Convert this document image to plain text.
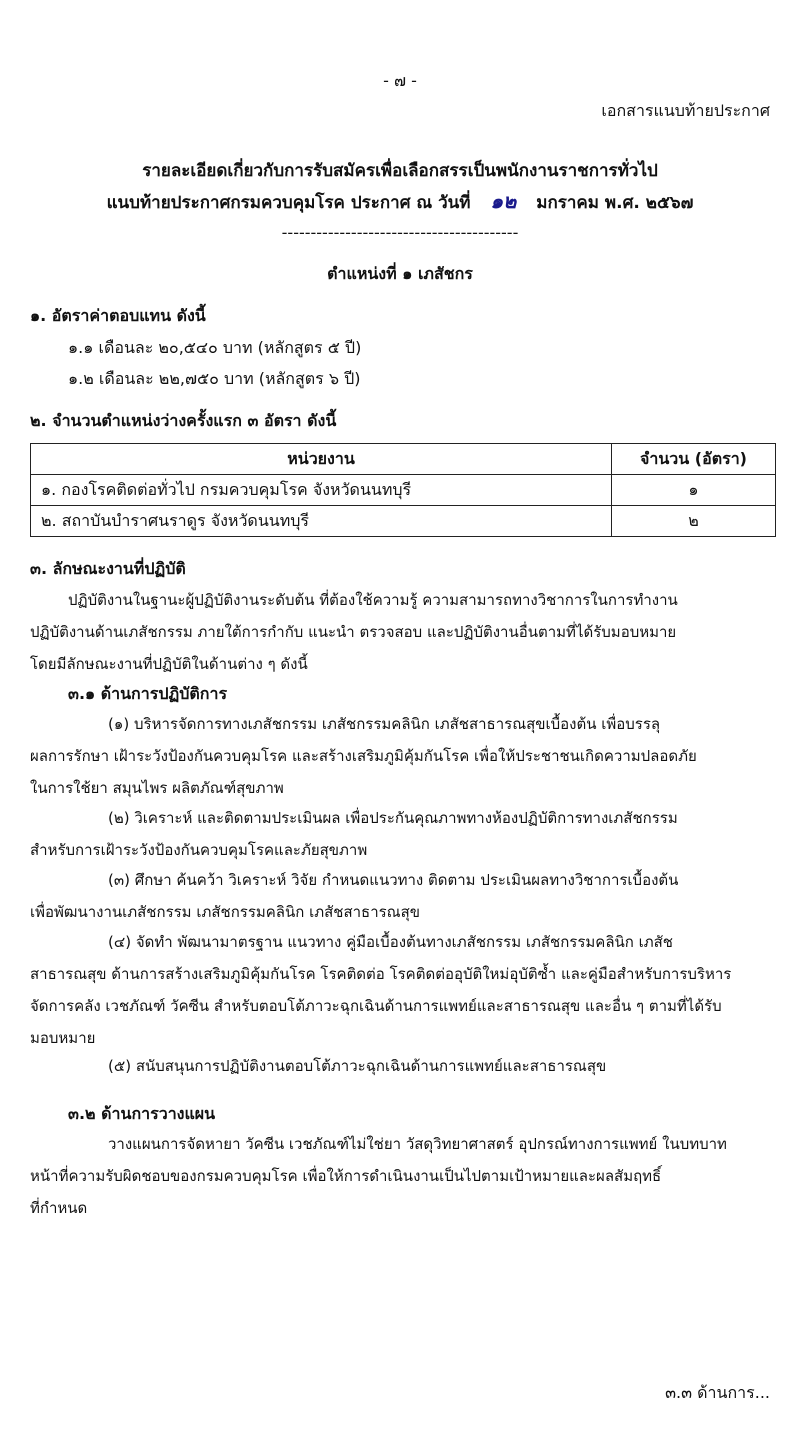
- ๗ -
เอกสารแนบท้ายประกาศ
รายละเอียดเกี่ยวกับการรับสมัครเพื่อเลือกสรรเป็นพนักงานราชการทั่วไป
แนบท้ายประกาศกรมควบคุมโรค ประกาศ ณ วันที่ ๑๒ มกราคม พ.ศ. ๒๕๖๗
-----------------------------------------
ตำแหน่งที่ ๑ เภสัชกร
๑. อัตราค่าตอบแทน ดังนี้
๑.๑ เดือนละ ๒๐,๕๔๐ บาท (หลักสูตร ๕ ปี)
๑.๒ เดือนละ ๒๒,๗๕๐ บาท (หลักสูตร ๖ ปี)
๒. จำนวนตำแหน่งว่างครั้งแรก ๓ อัตรา ดังนี้
หน่วยงาน	จำนวน (อัตรา)
๑. กองโรคติดต่อทั่วไป กรมควบคุมโรค จังหวัดนนทบุรี	๑
๒. สถาบันบำราศนราดูร จังหวัดนนทบุรี	๒
๓. ลักษณะงานที่ปฏิบัติ
ปฏิบัติงานในฐานะผู้ปฏิบัติงานระดับต้น ที่ต้องใช้ความรู้ ความสามารถทางวิชาการในการทำงาน
ปฏิบัติงานด้านเภสัชกรรม ภายใต้การกำกับ แนะนำ ตรวจสอบ และปฏิบัติงานอื่นตามที่ได้รับมอบหมาย
โดยมีลักษณะงานที่ปฏิบัติในด้านต่าง ๆ ดังนี้
๓.๑ ด้านการปฏิบัติการ
(๑) บริหารจัดการทางเภสัชกรรม เภสัชกรรมคลินิก เภสัชสาธารณสุขเบื้องต้น เพื่อบรรลุ
ผลการรักษา เฝ้าระวังป้องกันควบคุมโรค และสร้างเสริมภูมิคุ้มกันโรค เพื่อให้ประชาชนเกิดความปลอดภัย
ในการใช้ยา สมุนไพร ผลิตภัณฑ์สุขภาพ
(๒) วิเคราะห์ และติดตามประเมินผล เพื่อประกันคุณภาพทางห้องปฏิบัติการทางเภสัชกรรม
สำหรับการเฝ้าระวังป้องกันควบคุมโรคและภัยสุขภาพ
(๓) ศึกษา ค้นคว้า วิเคราะห์ วิจัย กำหนดแนวทาง ติดตาม ประเมินผลทางวิชาการเบื้องต้น
เพื่อพัฒนางานเภสัชกรรม เภสัชกรรมคลินิก เภสัชสาธารณสุข
(๔) จัดทำ พัฒนามาตรฐาน แนวทาง คู่มือเบื้องต้นทางเภสัชกรรม เภสัชกรรมคลินิก เภสัช
สาธารณสุข ด้านการสร้างเสริมภูมิคุ้มกันโรค โรคติดต่อ โรคติดต่ออุบัติใหม่อุบัติซ้ำ และคู่มือสำหรับการบริหาร
จัดการคลัง เวชภัณฑ์ วัคซีน สำหรับตอบโต้ภาวะฉุกเฉินด้านการแพทย์และสาธารณสุข และอื่น ๆ ตามที่ได้รับ
มอบหมาย
(๕) สนับสนุนการปฏิบัติงานตอบโต้ภาวะฉุกเฉินด้านการแพทย์และสาธารณสุข
๓.๒ ด้านการวางแผน
วางแผนการจัดหายา วัคซีน เวชภัณฑ์ไม่ใช่ยา วัสดุวิทยาศาสตร์ อุปกรณ์ทางการแพทย์ ในบทบาท
หน้าที่ความรับผิดชอบของกรมควบคุมโรค เพื่อให้การดำเนินงานเป็นไปตามเป้าหมายและผลสัมฤทธิ์
ที่กำหนด
๓.๓ ด้านการ...
